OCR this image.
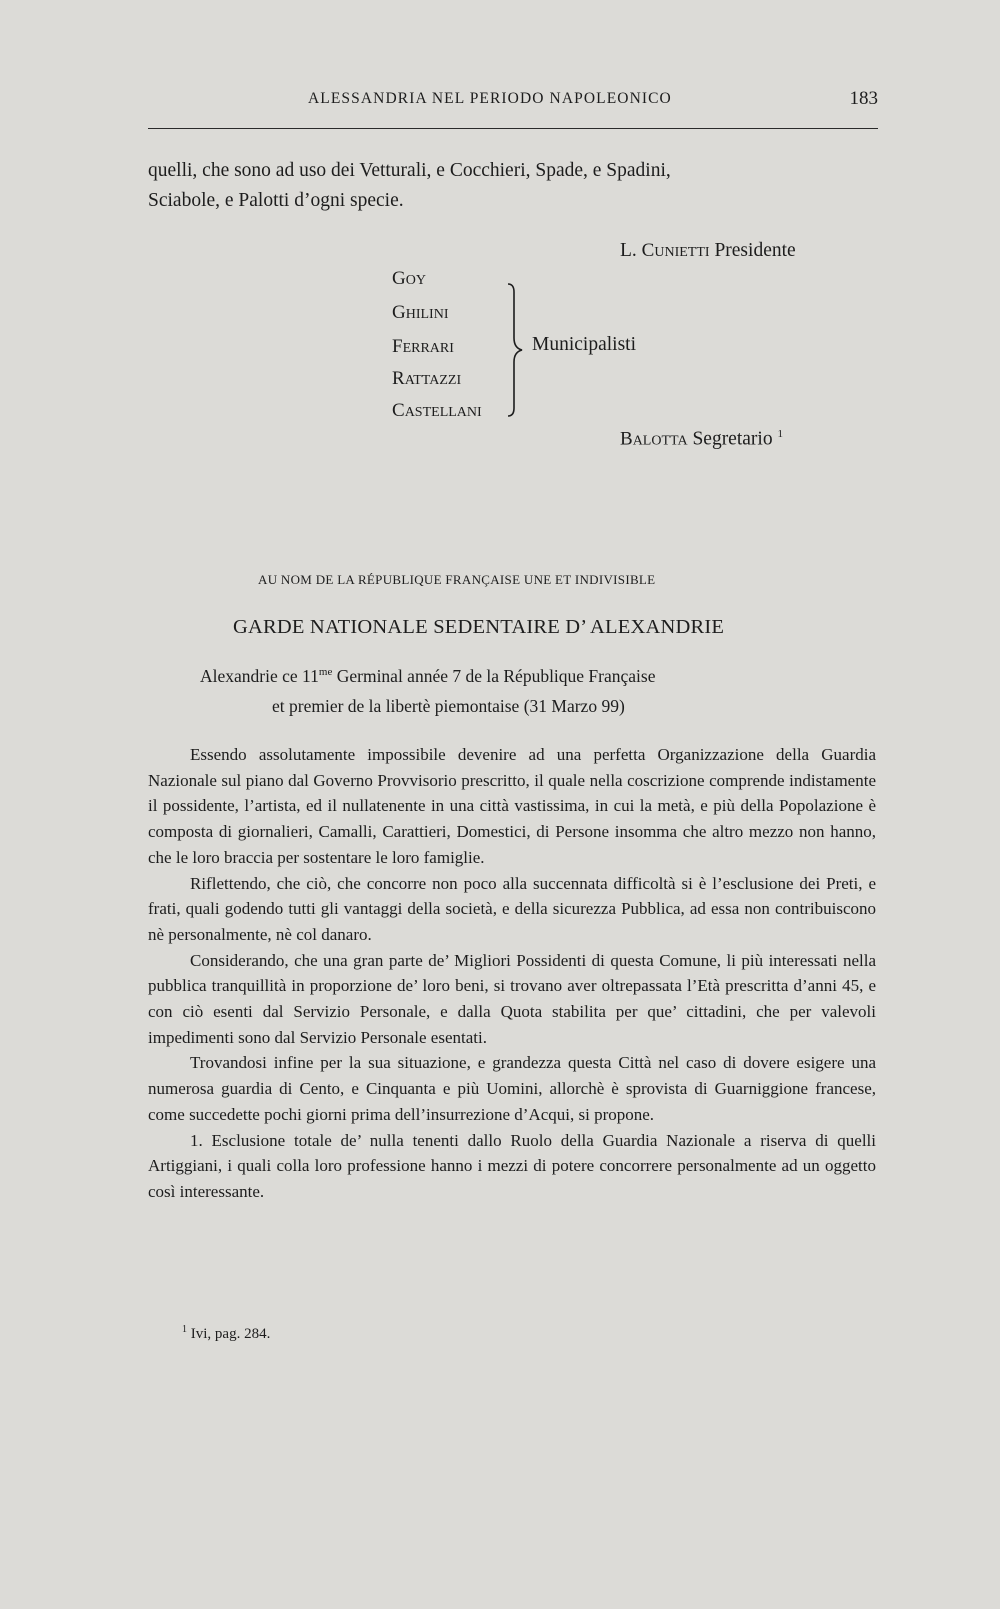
ALESSANDRIA NEL PERIODO NAPOLEONICO	183
quelli, che sono ad uso dei Vetturali, e Cocchieri, Spade, e Spadini,
Sciabole, e Palotti d’ogni specie.
L. CUNIETTI Presidente
GOY
GHILINI
FERRARI
RATTAZZI
CASTELLANI
Municipalisti
BALOTTA Segretario $^1$
AU NOM DE LA RÉPUBLIQUE FRANÇAISE UNE ET INDIVISIBLE
GARDE NATIONALE SEDENTAIRE D’ ALEXANDRIE
Alexandrie ce $11^{me}$ Germinal année 7 de la République Française
et premier de la libertè piemontaise (31 Marzo 99)

Essendo assolutamente impossibile devenire ad una perfetta Organizzazione della Guardia Nazionale sul piano dal Governo Provvisorio prescritto, il quale nella coscrizione comprende indistamente il possidente, l’artista, ed il nullatenente in una città vastissima, in cui la metà, e più della Popolazione è composta di giornalieri, Camalli, Carattieri, Domestici, di Persone insomma che altro mezzo non hanno, che le loro braccia per sostentare le loro famiglie.

Riflettendo, che ciò, che concorre non poco alla succennata difficoltà si è l’esclusione dei Preti, e frati, quali godendo tutti gli vantaggi della società, e della sicurezza Pubblica, ad essa non contribuiscono nè personalmente, nè col danaro.

Considerando, che una gran parte de’ Migliori Possidenti di questa Comune, li più interessati nella pubblica tranquillità in proporzione de’ loro beni, si trovano aver oltrepassata l’Età prescritta d’anni 45, e con ciò esenti dal Servizio Personale, e dalla Quota stabilita per que’ cittadini, che per valevoli impedimenti sono dal Servizio Personale esentati.

Trovandosi infine per la sua situazione, e grandezza questa Città nel caso di dovere esigere una numerosa guardia di Cento, e Cinquanta e più Uomini, allorchè è sprovista di Guarniggione francese, come succedette pochi giorni prima dell’insurrezione d’Acqui, si propone.

1. Esclusione totale de’ nulla tenenti dallo Ruolo della Guardia Nazionale a riserva di quelli Artiggiani, i quali colla loro professione hanno i mezzi di potere concorrere personalmente ad un oggetto così interessante.

$^1$ Ivi, pag. 284.
